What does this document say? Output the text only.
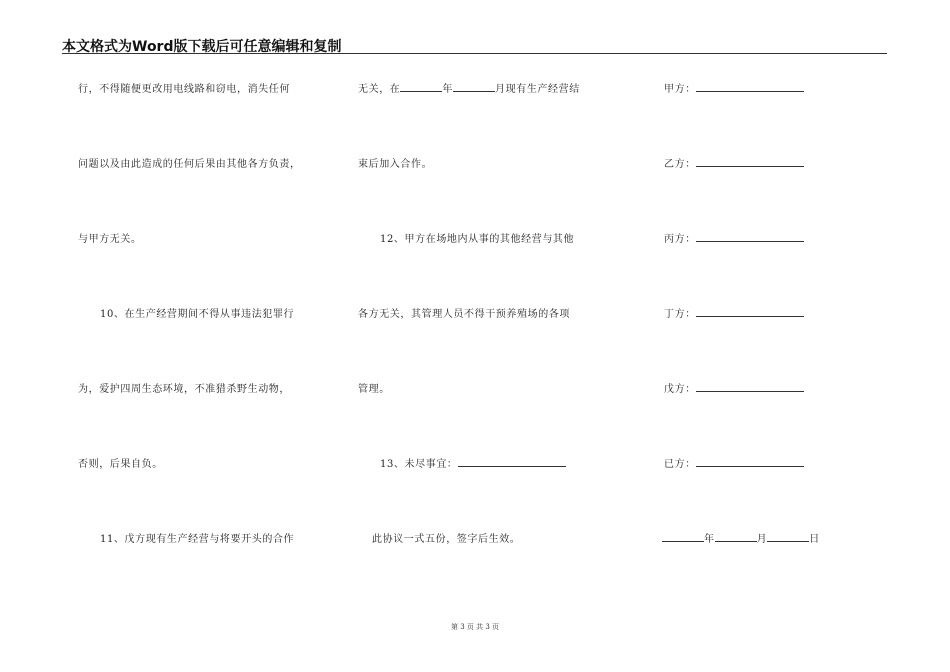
本文格式为Word版下载后可任意编辑和复制
行，不得随便更改用电线路和窃电，消失任何
问题以及由此造成的任何后果由其他各方负责，
与甲方无关。
10、在生产经营期间不得从事违法犯罪行
为，爱护四周生态环境，不准猎杀野生动物，
否则，后果自负。
11、戊方现有生产经营与将要开头的合作
无关，在	年	月现有生产经营结
束后加入合作。
12、甲方在场地内从事的其他经营与其他
各方无关，其管理人员不得干预养殖场的各项
管理。
13、未尽事宜：
此协议一式五份，签字后生效。
甲方：
乙方：
丙方：
丁方：
戊方：
已方：
年	月	日
第 3 页 共 3 页
